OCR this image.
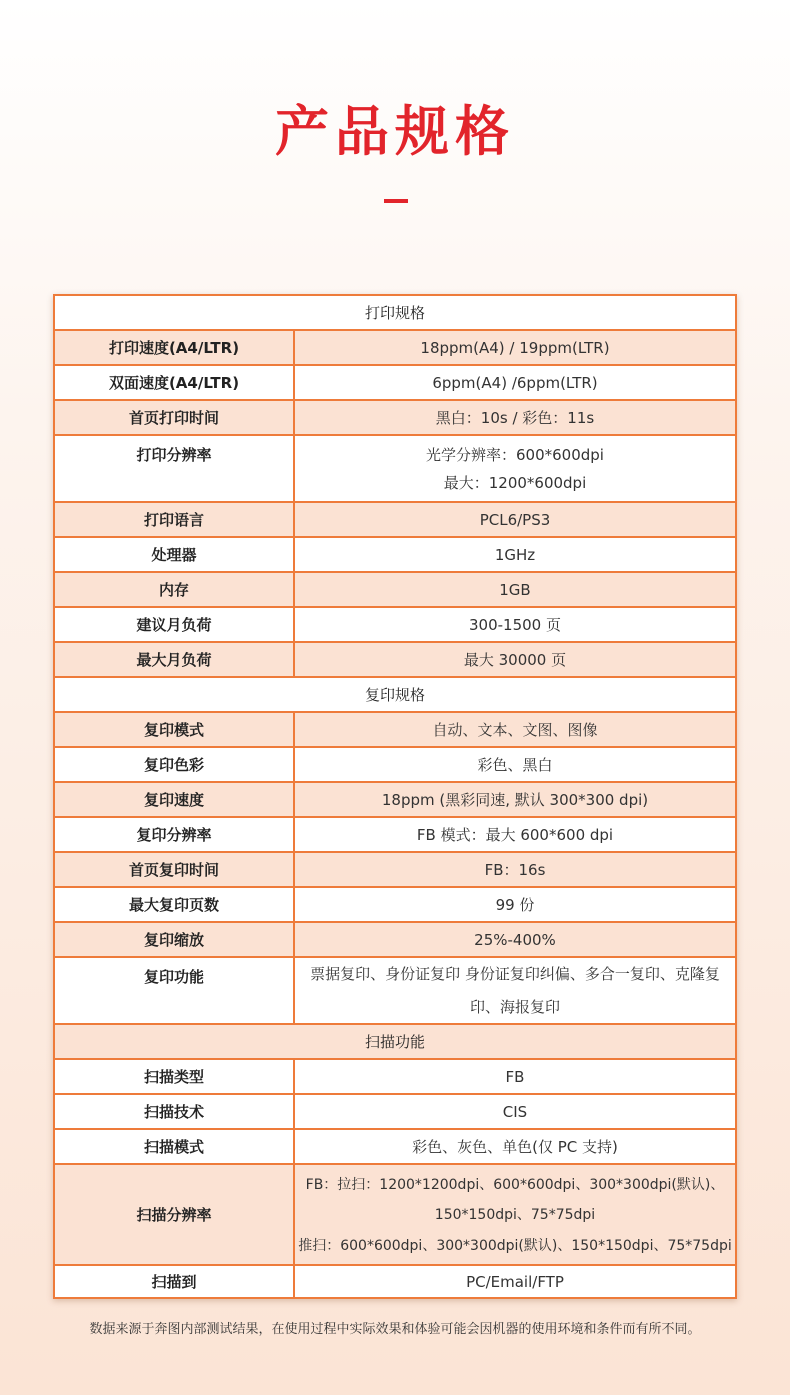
产品规格
打印规格
打印速度(A4/LTR)	18ppm(A4) / 19ppm(LTR)
双面速度(A4/LTR)	6ppm(A4) /6ppm(LTR)
首页打印时间	黑白：10s / 彩色：11s
打印分辨率	光学分辨率：600*600dpi
最大：1200*600dpi
打印语言	PCL6/PS3
处理器	1GHz
内存	1GB
建议月负荷	300-1500 页
最大月负荷	最大 30000 页
复印规格
复印模式	自动、文本、文图、图像
复印色彩	彩色、黑白
复印速度	18ppm (黑彩同速, 默认 300*300 dpi)
复印分辨率	FB 模式：最大 600*600 dpi
首页复印时间	FB：16s
最大复印页数	99 份
复印缩放	25%-400%
复印功能	票据复印、身份证复印 身份证复印纠偏、多合一复印、克隆复印、海报复印
扫描功能
扫描类型	FB
扫描技术	CIS
扫描模式	彩色、灰色、单色(仅 PC 支持)
扫描分辨率
FB：拉扫：1200*1200dpi、600*600dpi、300*300dpi(默认)、
150*150dpi、75*75dpi
推扫：600*600dpi、300*300dpi(默认)、150*150dpi、75*75dpi
扫描到	PC/Email/FTP
数据来源于奔图内部测试结果，在使用过程中实际效果和体验可能会因机器的使用环境和条件而有所不同。
